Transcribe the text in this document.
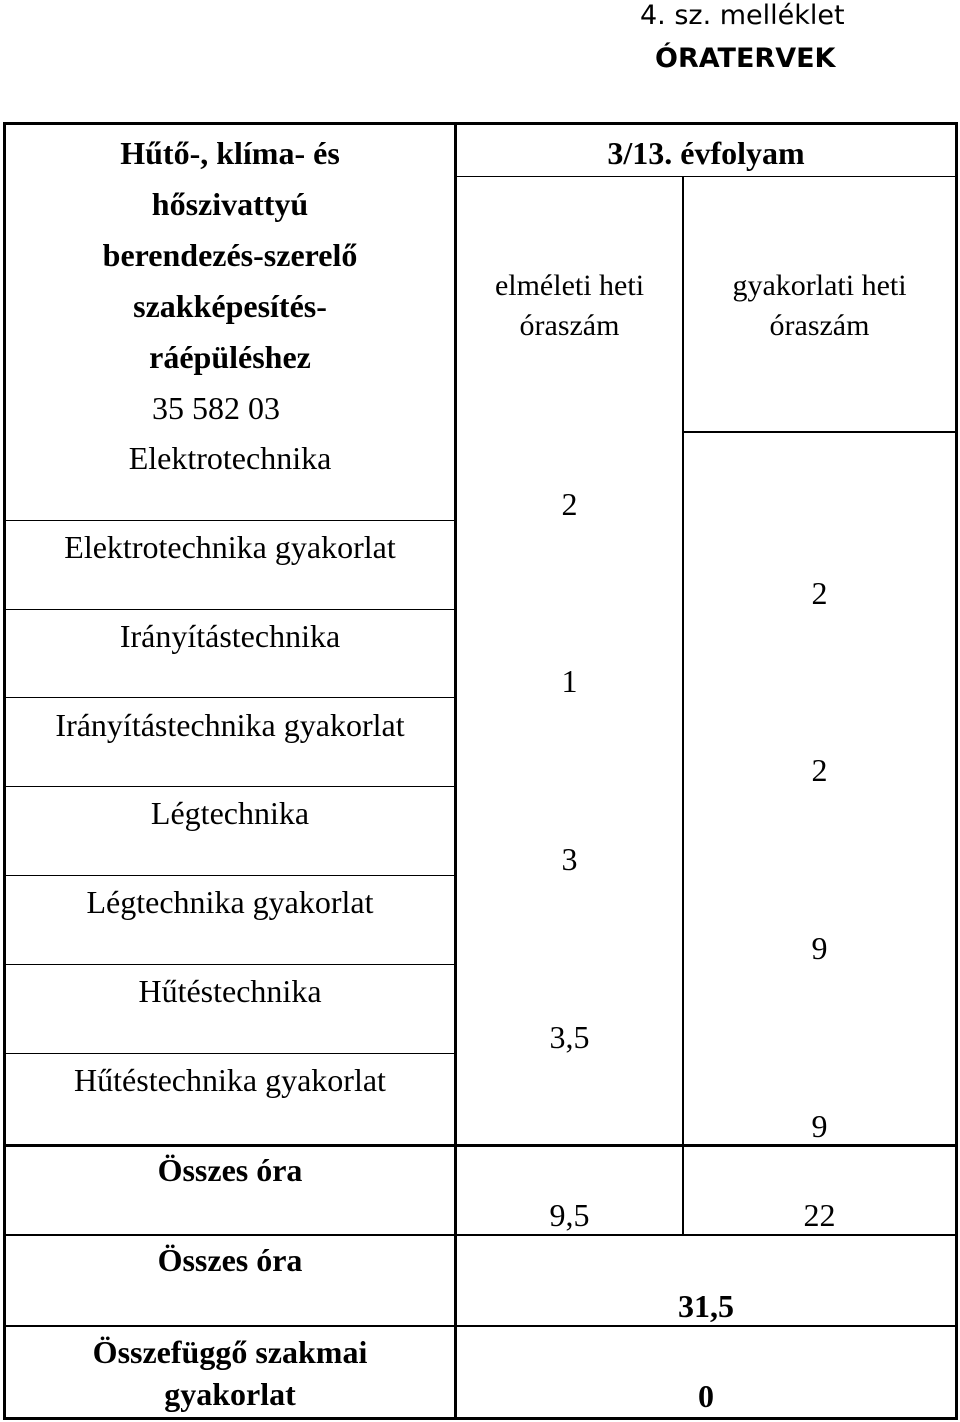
4. sz. melléklet
ÓRATERVEK
Hűtő-, klíma- és
hőszivattyú
berendezés-szerelő
szakképesítés-
ráépüléshez
35 582 03
3/13. évfolyam
elméleti heti
óraszám
gyakorlati heti
óraszám
Elektrotechnika
Elektrotechnika gyakorlat
Irányítástechnika
Irányítástechnika gyakorlat
Légtechnika
Légtechnika gyakorlat
Hűtéstechnika
Hűtéstechnika gyakorlat
2
2
1
2
3
9
3,5
9
Összes óra
9,5	22
Összes óra
31,5
Összefüggő szakmai
gyakorlat	0
